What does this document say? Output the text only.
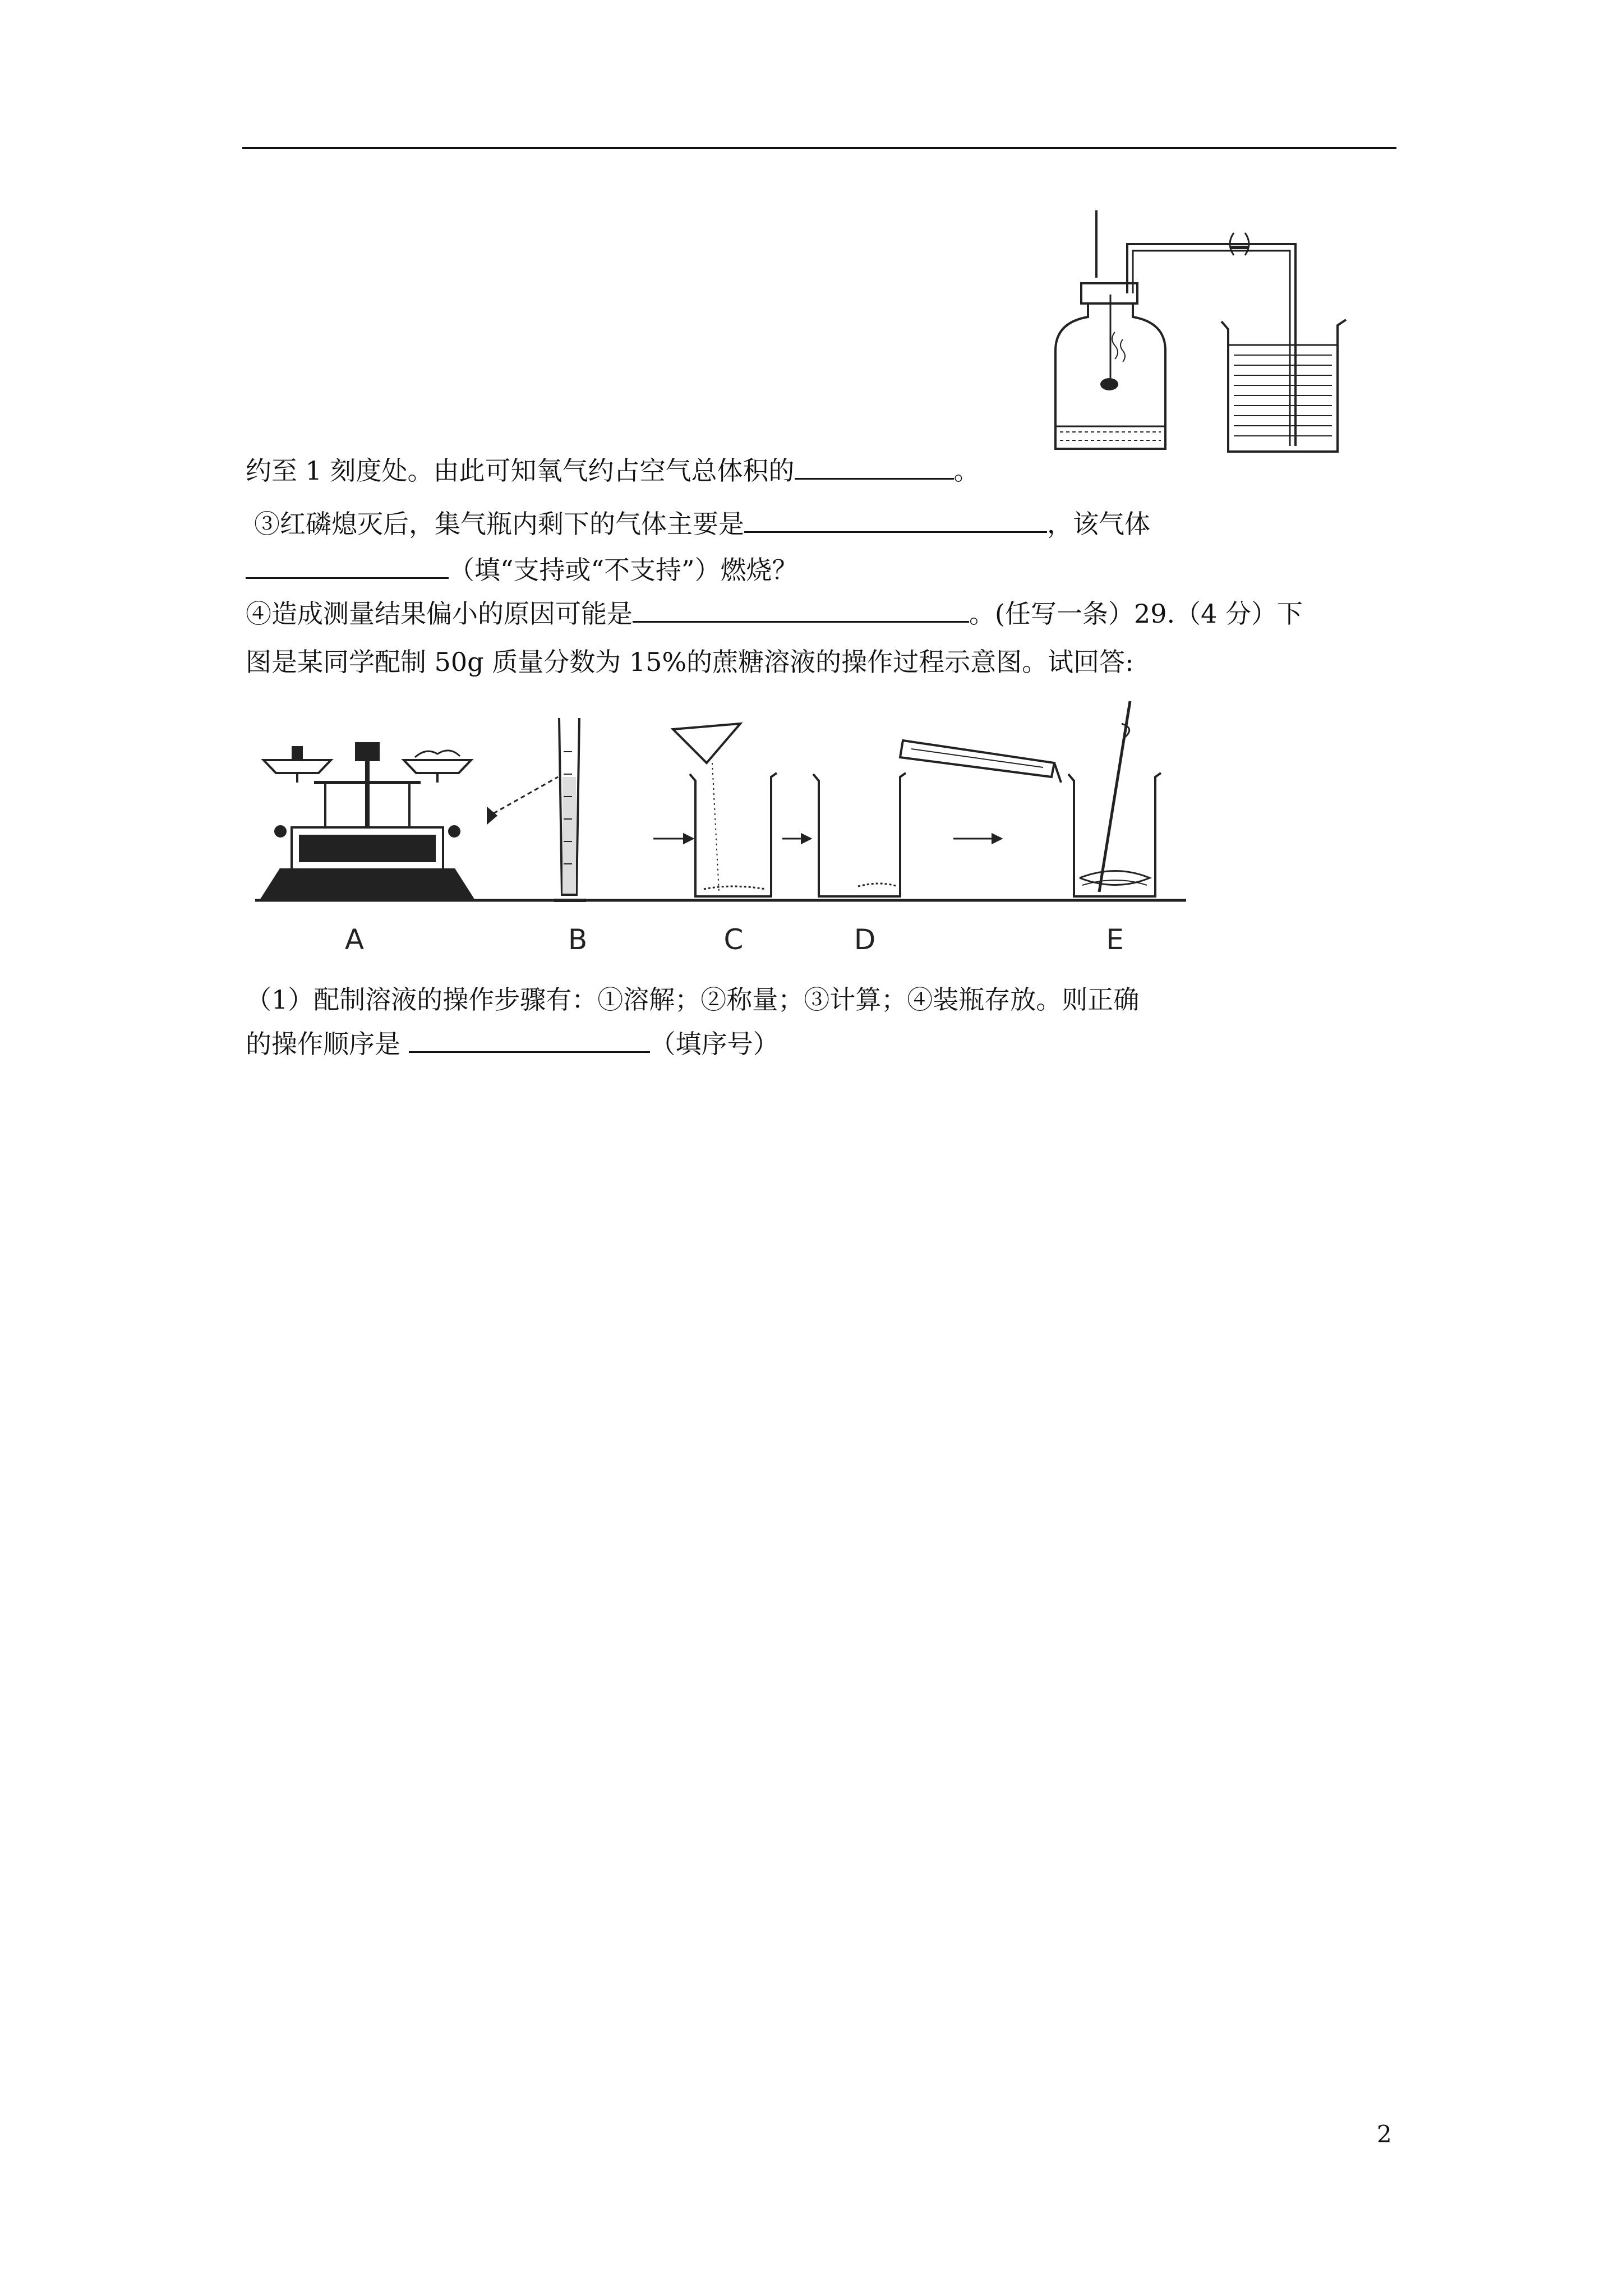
约至 1 刻度处。由此可知氧气约占空气总体积的	。
③红磷熄灭后，集气瓶内剩下的气体主要是	，该气体
（填“支持或“不支持”）燃烧？
④造成测量结果偏小的原因可能是	。(任写一条）29.（4 分）下
图是某同学配制 50g 质量分数为 15%的蔗糖溶液的操作过程示意图。试回答:
A	B	C	D	E
（1）配制溶液的操作步骤有：①溶解；②称量；③计算；④装瓶存放。则正确
的操作顺序是	（填序号）
2
